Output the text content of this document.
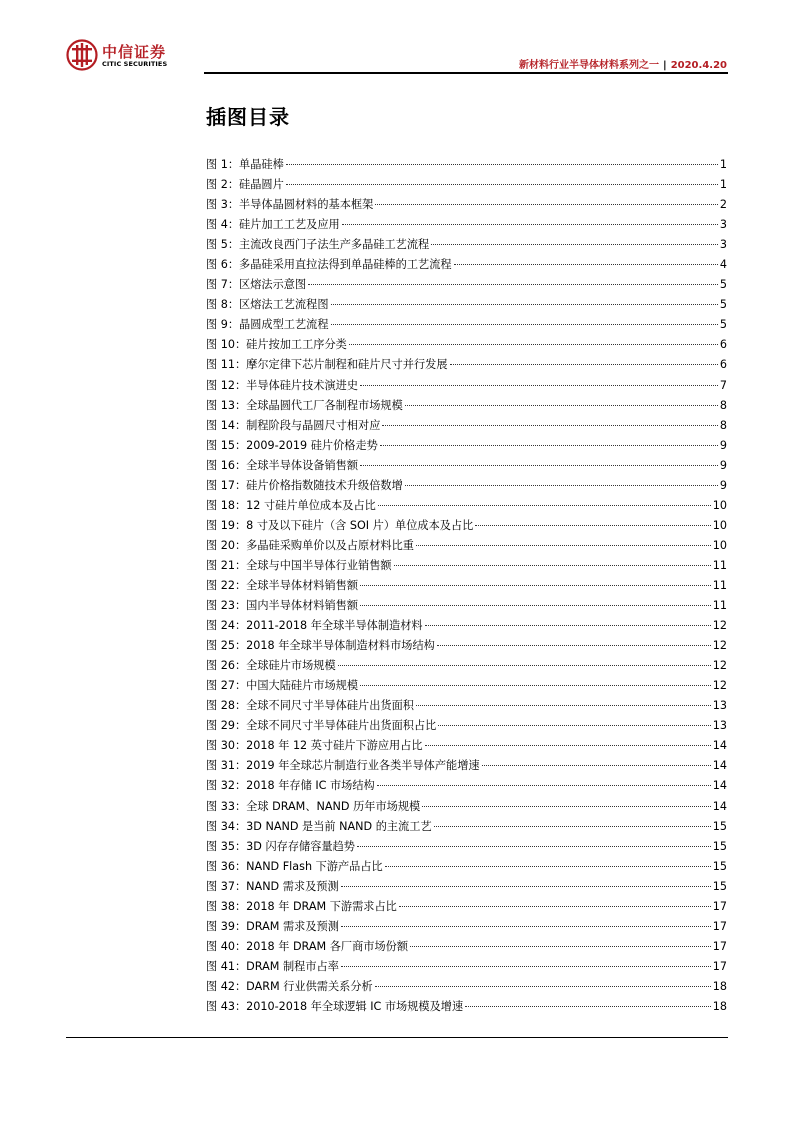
中信证券
CITIC SECURITIES	新材料行业半导体材料系列之一 | 2020.4.20
插图目录
图 1：单晶硅棒	1
图 2：硅晶圆片	1
图 3：半导体晶圆材料的基本框架	2
图 4：硅片加工工艺及应用	3
图 5：主流改良西门子法生产多晶硅工艺流程	3
图 6：多晶硅采用直拉法得到单晶硅棒的工艺流程	4
图 7：区熔法示意图	5
图 8：区熔法工艺流程图	5
图 9：晶圆成型工艺流程	5
图 10：硅片按加工工序分类	6
图 11：摩尔定律下芯片制程和硅片尺寸并行发展	6
图 12：半导体硅片技术演进史	7
图 13：全球晶圆代工厂各制程市场规模	8
图 14：制程阶段与晶圆尺寸相对应	8
图 15：2009-2019 硅片价格走势	9
图 16：全球半导体设备销售额	9
图 17：硅片价格指数随技术升级倍数增	9
图 18：12 寸硅片单位成本及占比	10
图 19：8 寸及以下硅片（含 SOI 片）单位成本及占比	10
图 20：多晶硅采购单价以及占原材料比重	10
图 21：全球与中国半导体行业销售额	11
图 22：全球半导体材料销售额	11
图 23：国内半导体材料销售额	11
图 24：2011-2018 年全球半导体制造材料	12
图 25：2018 年全球半导体制造材料市场结构	12
图 26：全球硅片市场规模	12
图 27：中国大陆硅片市场规模	12
图 28：全球不同尺寸半导体硅片出货面积	13
图 29：全球不同尺寸半导体硅片出货面积占比	13
图 30：2018 年 12 英寸硅片下游应用占比	14
图 31：2019 年全球芯片制造行业各类半导体产能增速	14
图 32：2018 年存储 IC 市场结构	14
图 33：全球 DRAM、NAND 历年市场规模	14
图 34：3D NAND 是当前 NAND 的主流工艺	15
图 35：3D 闪存存储容量趋势	15
图 36：NAND Flash 下游产品占比	15
图 37：NAND 需求及预测	15
图 38：2018 年 DRAM 下游需求占比	17
图 39：DRAM 需求及预测	17
图 40：2018 年 DRAM 各厂商市场份额	17
图 41：DRAM 制程市占率	17
图 42：DARM 行业供需关系分析	18
图 43：2010-2018 年全球逻辑 IC 市场规模及增速	18
